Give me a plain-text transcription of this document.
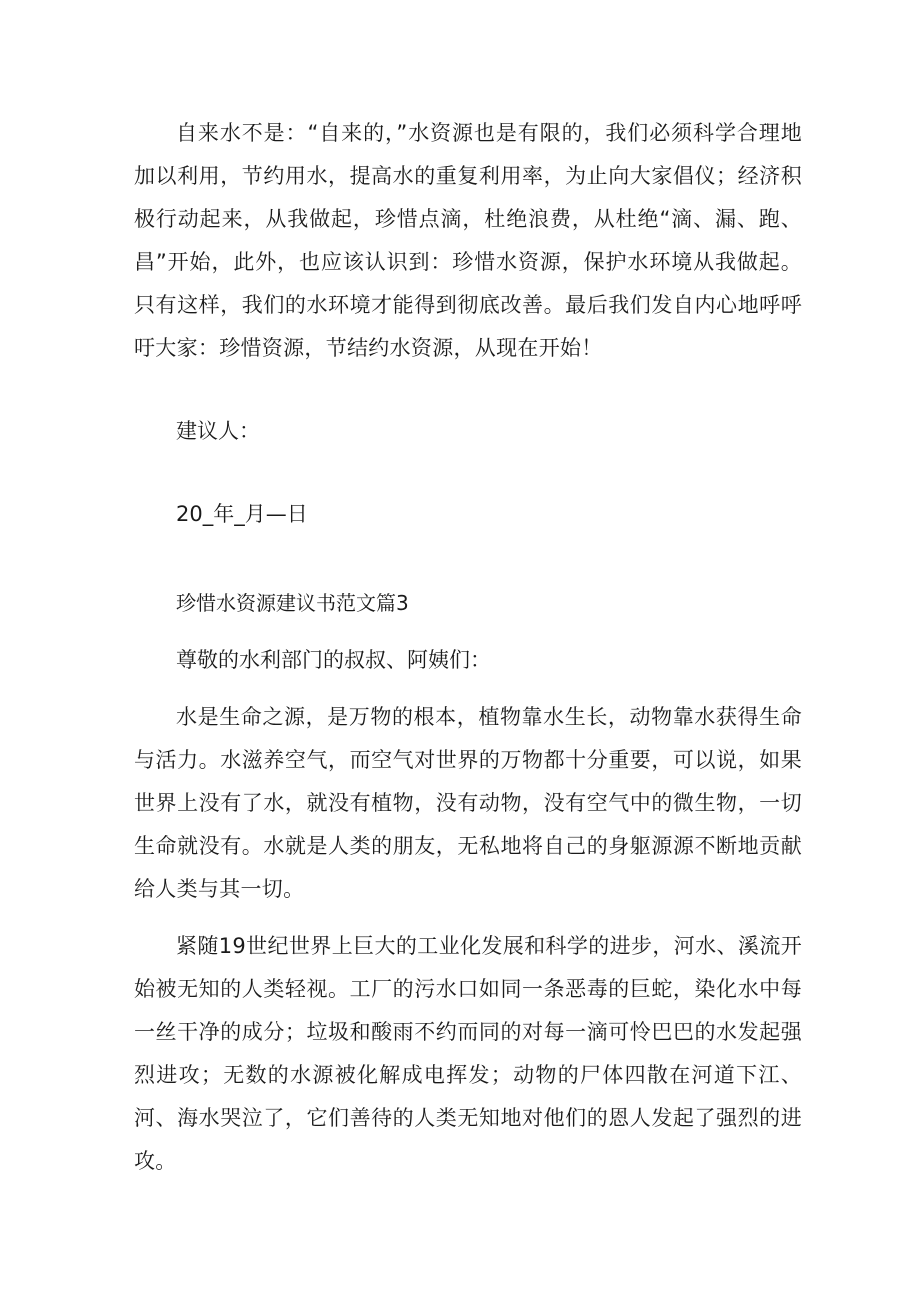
自来水不是：“自来的，”水资源也是有限的，我们必须科学合理地加以利用，节约用水，提高水的重复利用率，为止向大家倡仪；经济积极行动起来，从我做起，珍惜点滴，杜绝浪费，从杜绝“滴、漏、跑、昌”开始，此外，也应该认识到：珍惜水资源，保护水环境从我做起。只有这样，我们的水环境才能得到彻底改善。最后我们发自内心地呼呼吁大家：珍惜资源，节结约水资源，从现在开始！

建议人：

20_年_月—日

珍惜水资源建议书范文篇3

尊敬的水利部门的叔叔、阿姨们：

水是生命之源，是万物的根本，植物靠水生长，动物靠水获得生命与活力。水滋养空气，而空气对世界的万物都十分重要，可以说，如果世界上没有了水，就没有植物，没有动物，没有空气中的微生物，一切生命就没有。水就是人类的朋友，无私地将自己的身躯源源不断地贡献给人类与其一切。

紧随19世纪世界上巨大的工业化发展和科学的进步，河水、溪流开始被无知的人类轻视。工厂的污水口如同一条恶毒的巨蛇，染化水中每一丝干净的成分；垃圾和酸雨不约而同的对每一滴可怜巴巴的水发起强烈进攻；无数的水源被化解成电挥发；动物的尸体四散在河道下江、河、海水哭泣了，它们善待的人类无知地对他们的恩人发起了强烈的进攻。
